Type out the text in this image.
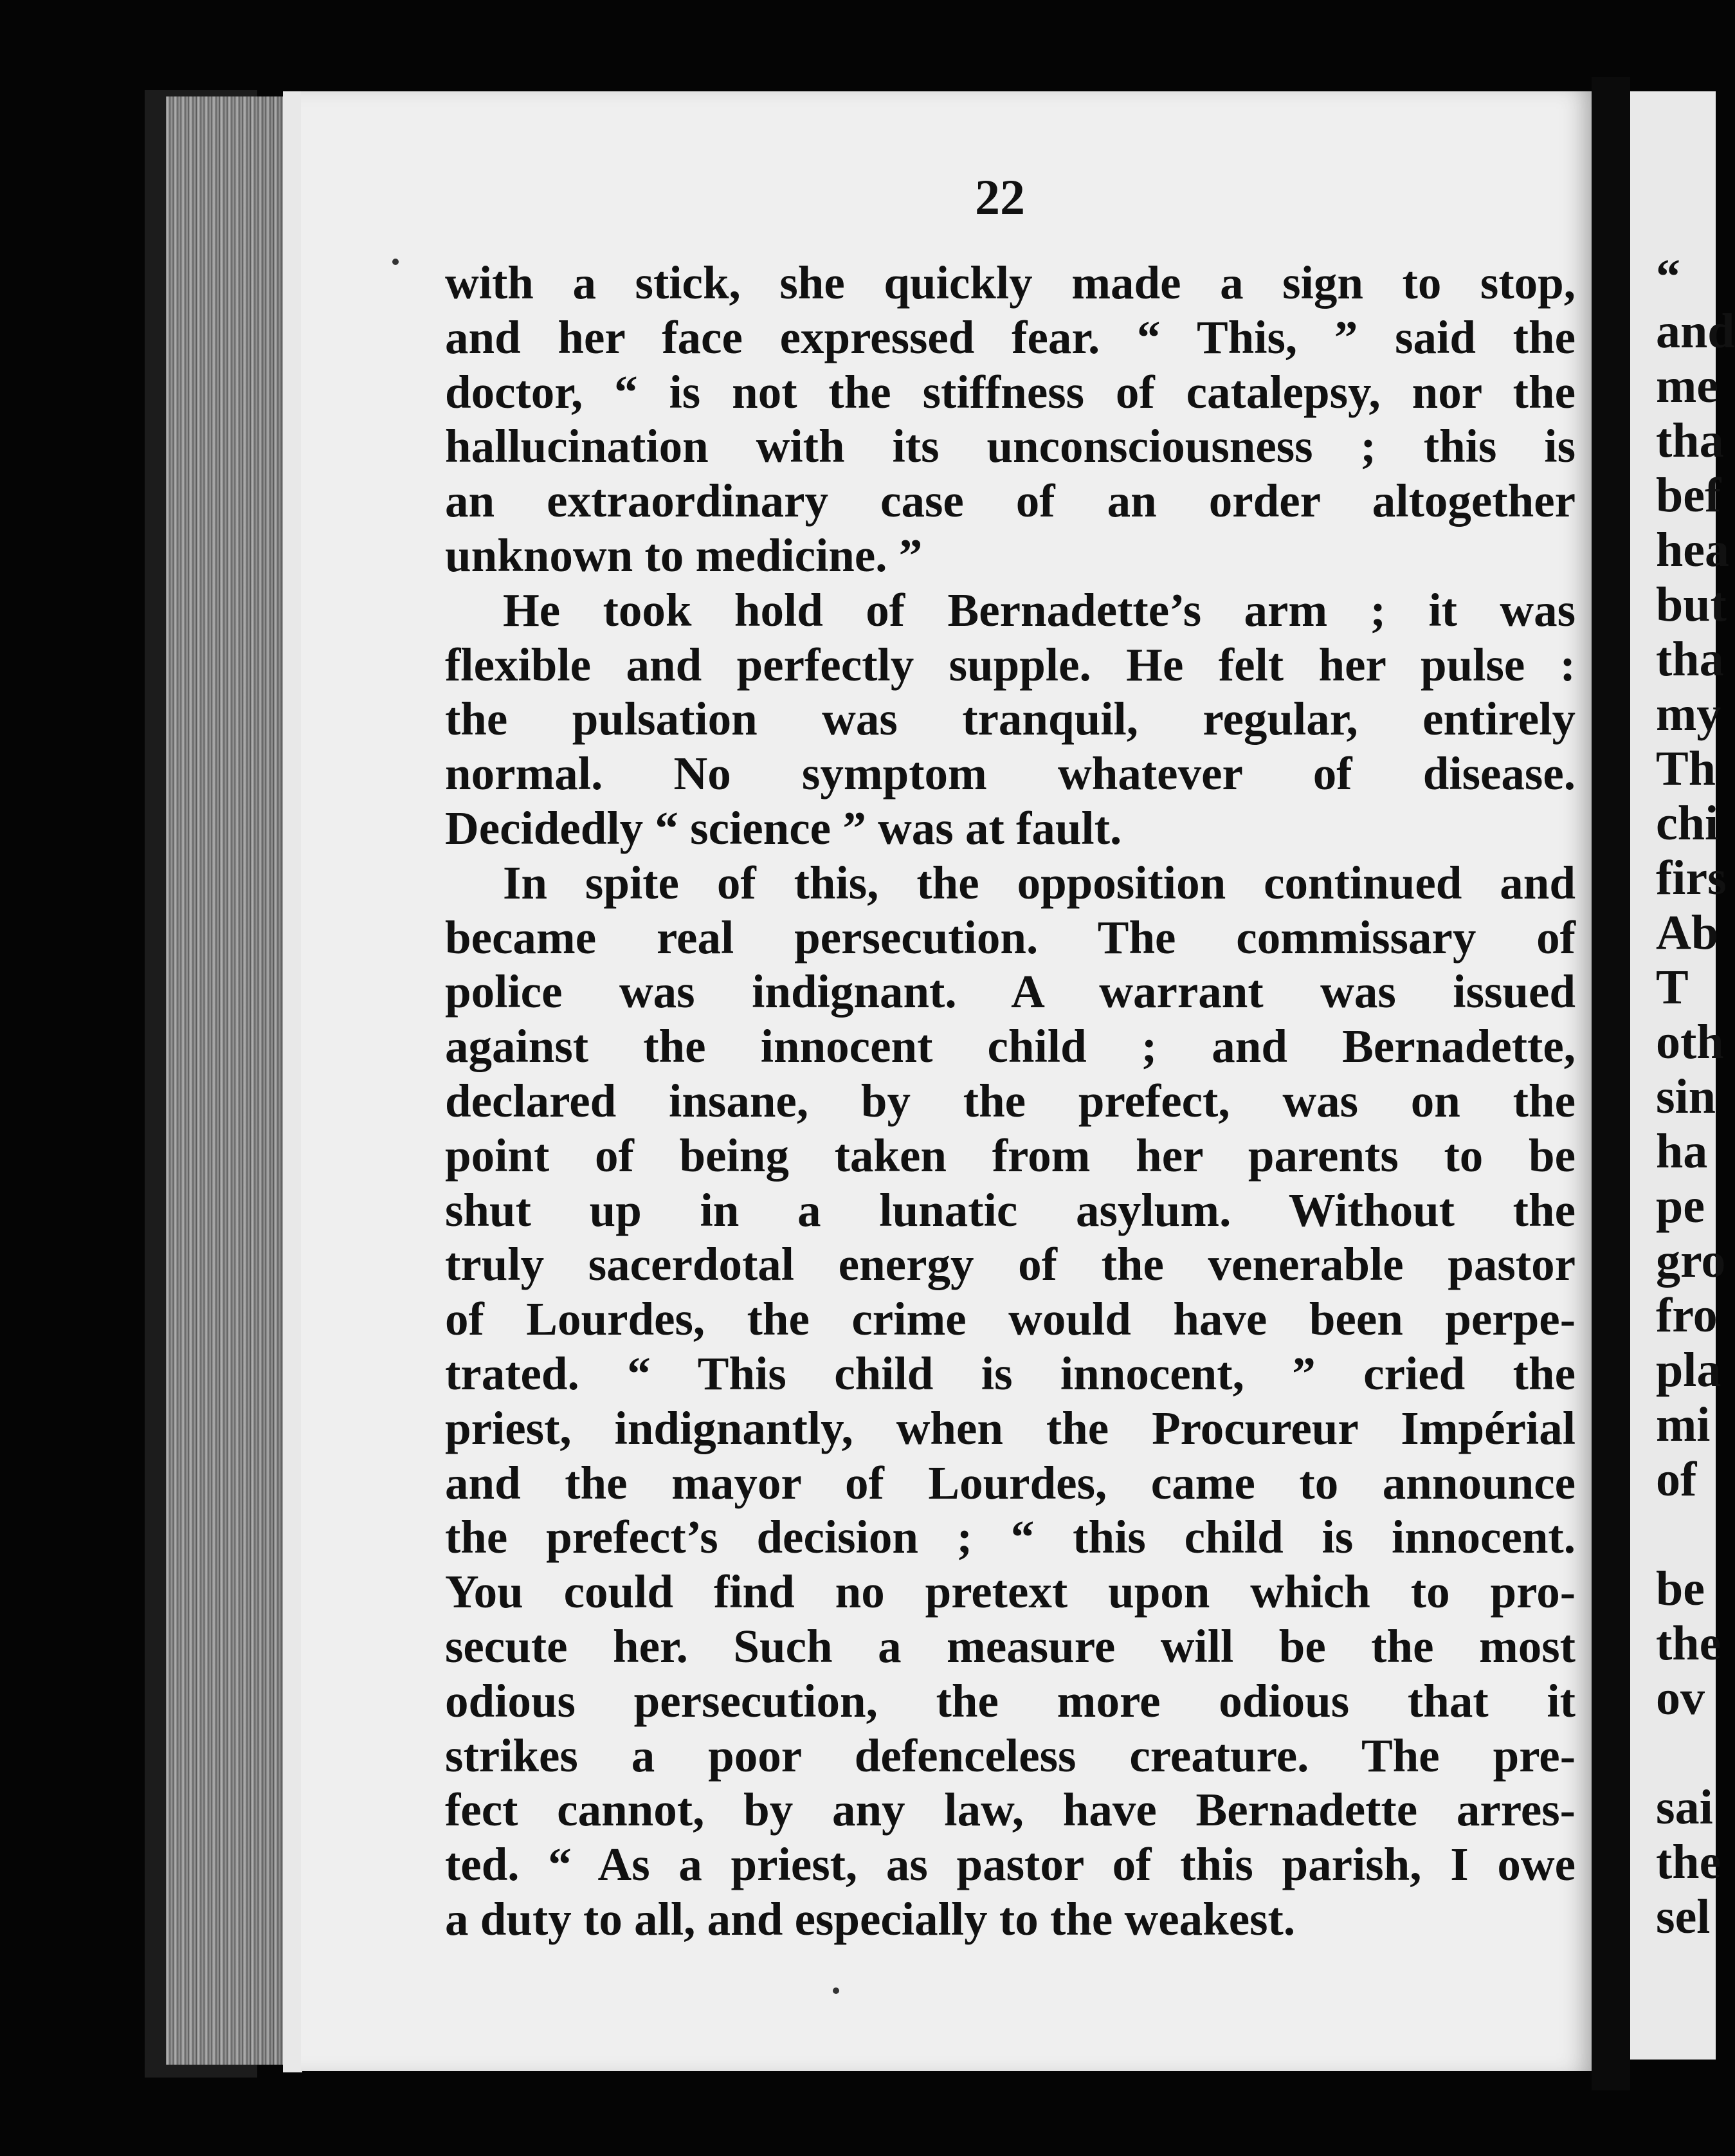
22
with a stick, she quickly made a sign to stop,
and her face expressed fear. “ This, ” said the
doctor, “ is not the stiffness of catalepsy, nor the
hallucination with its unconsciousness ; this is
an extraordinary case of an order altogether
unknown to medicine. ”
He took hold of Bernadette’s arm ; it was
flexible and perfectly supple. He felt her pulse :
the pulsation was tranquil, regular, entirely
normal. No symptom whatever of disease.
Decidedly “ science ” was at fault.
In spite of this, the opposition continued and
became real persecution. The commissary of
police was indignant. A warrant was issued
against the innocent child ; and Bernadette,
declared insane, by the prefect, was on the
point of being taken from her parents to be
shut up in a lunatic asylum. Without the
truly sacerdotal energy of the venerable pastor
of Lourdes, the crime would have been perpe-
trated. “ This child is innocent, ” cried the
priest, indignantly, when the Procureur Impérial
and the mayor of Lourdes, came to announce
the prefect’s decision ; “ this child is innocent.
You could find no pretext upon which to pro-
secute her. Such a measure will be the most
odious persecution, the more odious that it
strikes a poor defenceless creature. The pre-
fect cannot, by any law, have Bernadette arres-
ted. “ As a priest, as pastor of this parish, I owe
a duty to all, and especially to the weakest.
“
and
me
tha
bef
hea
but
tha
my
Th
chi
firs
Ab
T
oth
sin
ha
pe
gro
fro
pla
mi
of
be
the
ov
sai
the
sel
